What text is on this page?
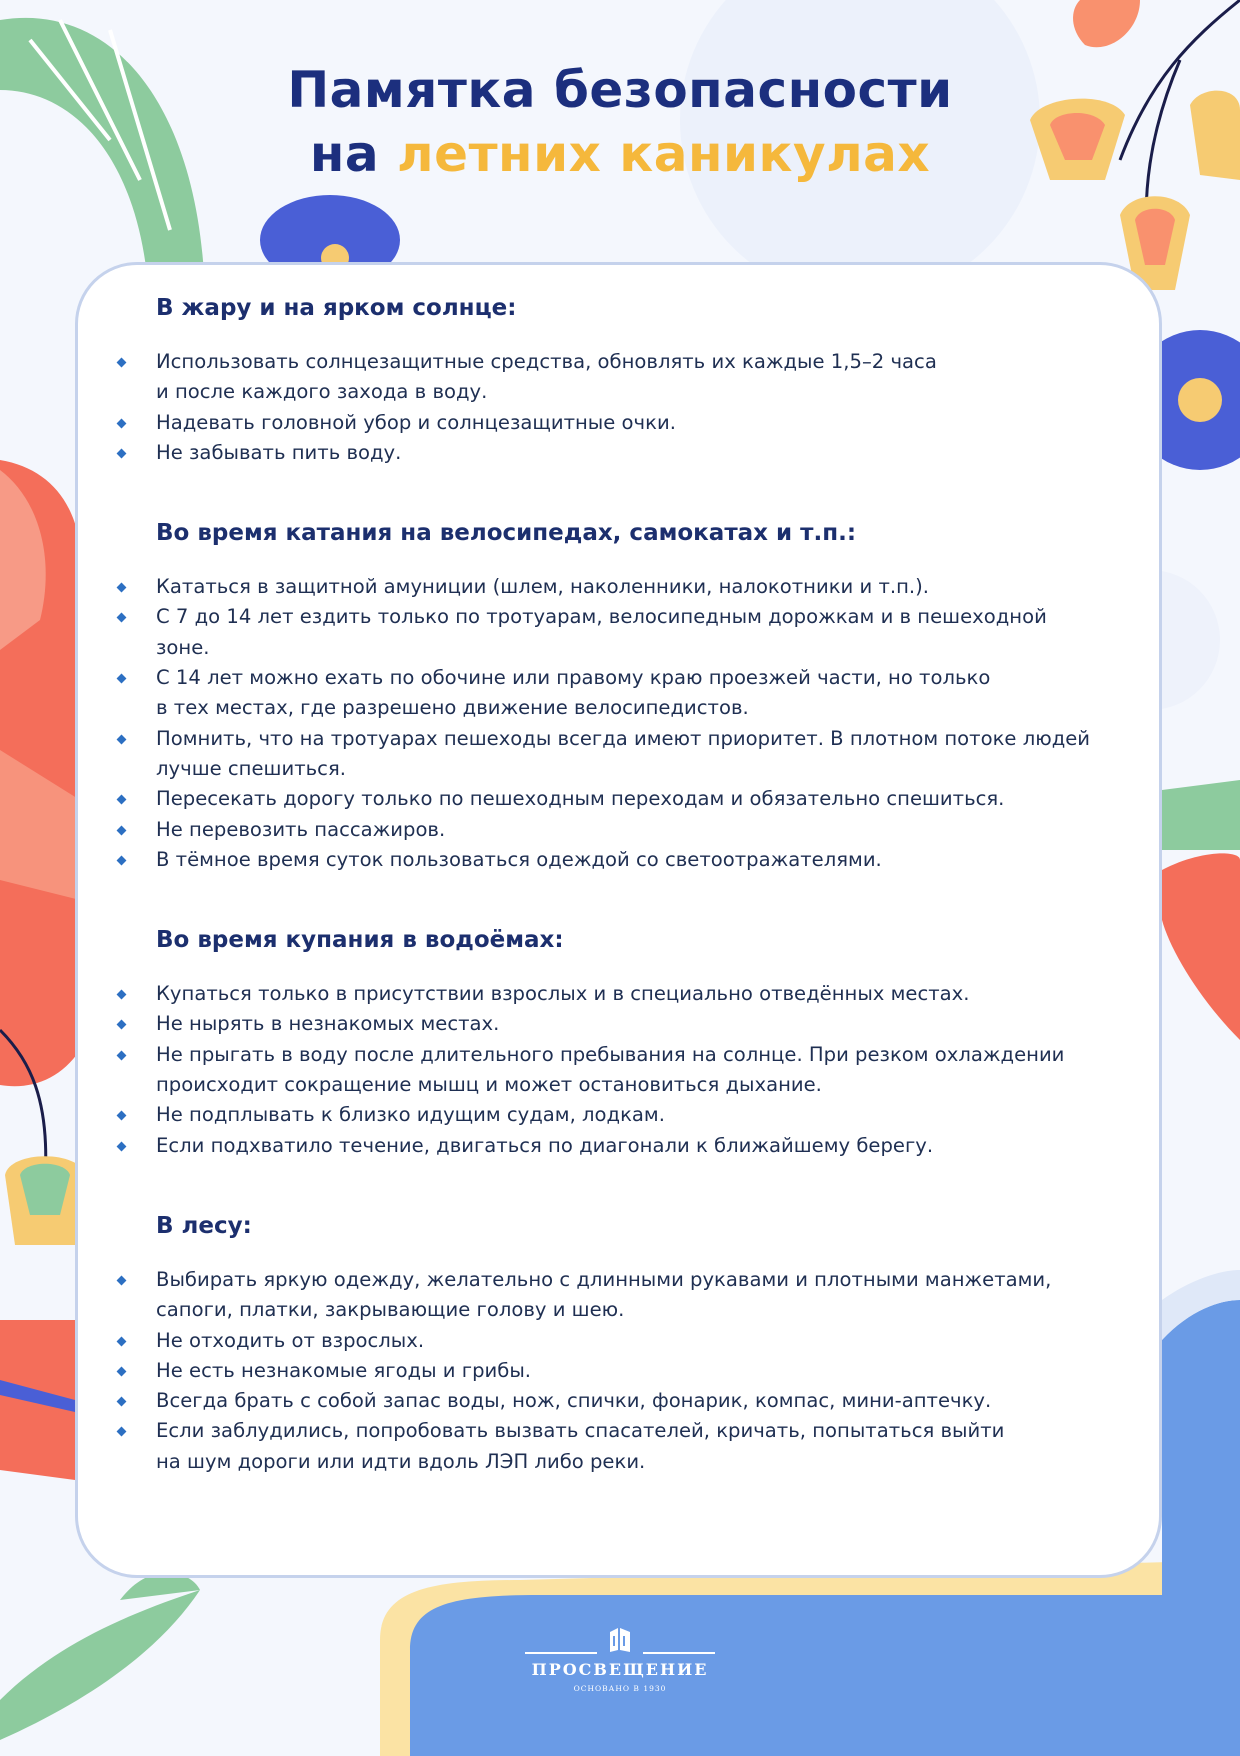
Памятка безопасности
на летних каникулах
В жару и на ярком солнце:
Использовать солнцезащитные средства, обновлять их каждые 1,5–2 часа
и после каждого захода в воду.
Надевать головной убор и солнцезащитные очки.
Не забывать пить воду.
Во время катания на велосипедах, самокатах и т.п.:
Кататься в защитной амуниции (шлем, наколенники, налокотники и т.п.).
С 7 до 14 лет ездить только по тротуарам, велосипедным дорожкам и в пешеходной
зоне.
С 14 лет можно ехать по обочине или правому краю проезжей части, но только
в тех местах, где разрешено движение велосипедистов.
Помнить, что на тротуарах пешеходы всегда имеют приоритет. В плотном потоке людей
лучше спешиться.
Пересекать дорогу только по пешеходным переходам и обязательно спешиться.
Не перевозить пассажиров.
В тёмное время суток пользоваться одеждой со светоотражателями.
Во время купания в водоёмах:
Купаться только в присутствии взрослых и в специально отведённых местах.
Не нырять в незнакомых местах.
Не прыгать в воду после длительного пребывания на солнце. При резком охлаждении
происходит сокращение мышц и может остановиться дыхание.
Не подплывать к близко идущим судам, лодкам.
Если подхватило течение, двигаться по диагонали к ближайшему берегу.
В лесу:
Выбирать яркую одежду, желательно с длинными рукавами и плотными манжетами,
сапоги, платки, закрывающие голову и шею.
Не отходить от взрослых.
Не есть незнакомые ягоды и грибы.
Всегда брать с собой запас воды, нож, спички, фонарик, компас, мини-аптечку.
Если заблудились, попробовать вызвать спасателей, кричать, попытаться выйти
на шум дороги или идти вдоль ЛЭП либо реки.
ПРОСВЕЩЕНИЕ
ОСНОВАНО В 1930
